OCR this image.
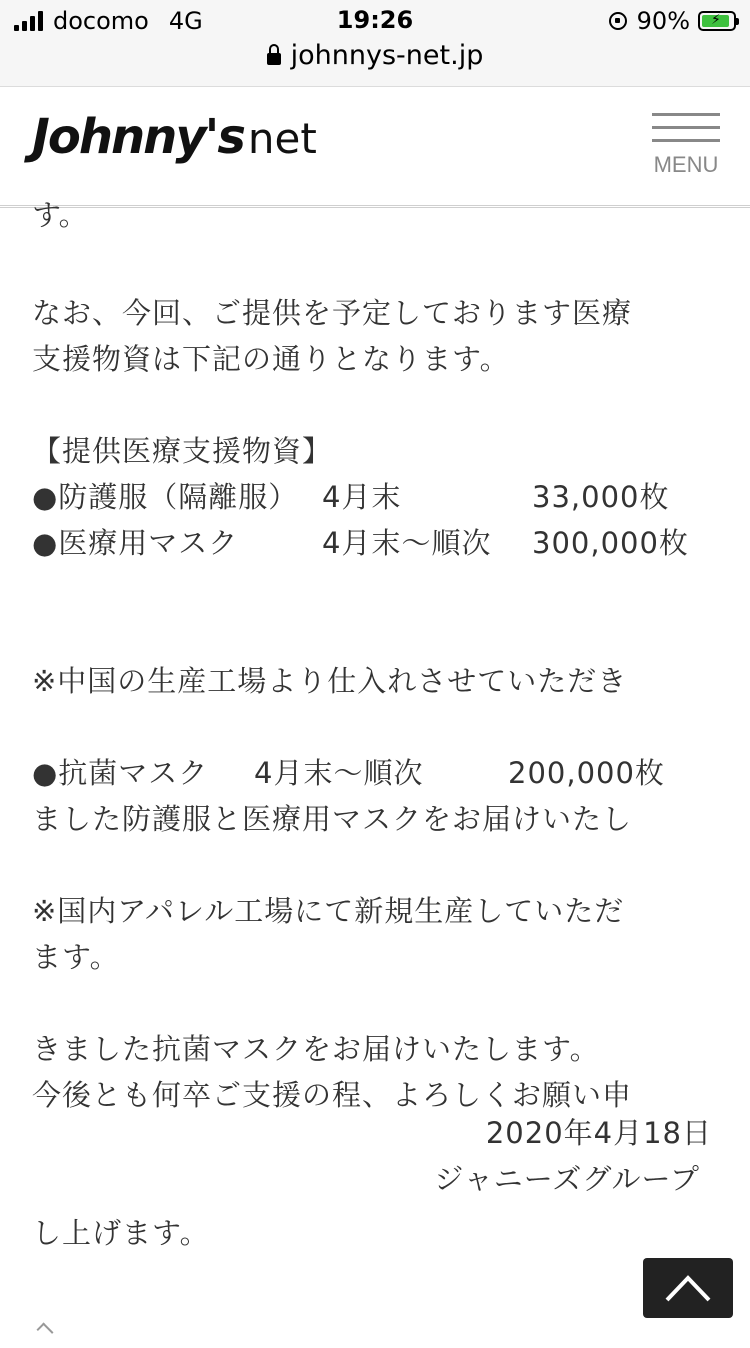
docomo 4G	19:26	90% ⚡
johnnys-net.jp
Johnny's net
MENU
す。
なお、今回、ご提供を予定しております医療
支援物資は下記の通りとなります。
【提供医療支援物資】
●防護服（隔離服） 4月末	33,000枚
●医療用マスク	4月末〜順次	300,000枚

※中国の生産工場より仕入れさせていただき

ました防護服と医療用マスクをお届けいたし

ます。

●抗菌マスク	4月末〜順次	200,000枚

※国内アパレル工場にて新規生産していただ

きました抗菌マスクをお届けいたします。

今後とも何卒ご支援の程、よろしくお願い申

し上げます。

2020年4月18日
ジャニーズグループ
